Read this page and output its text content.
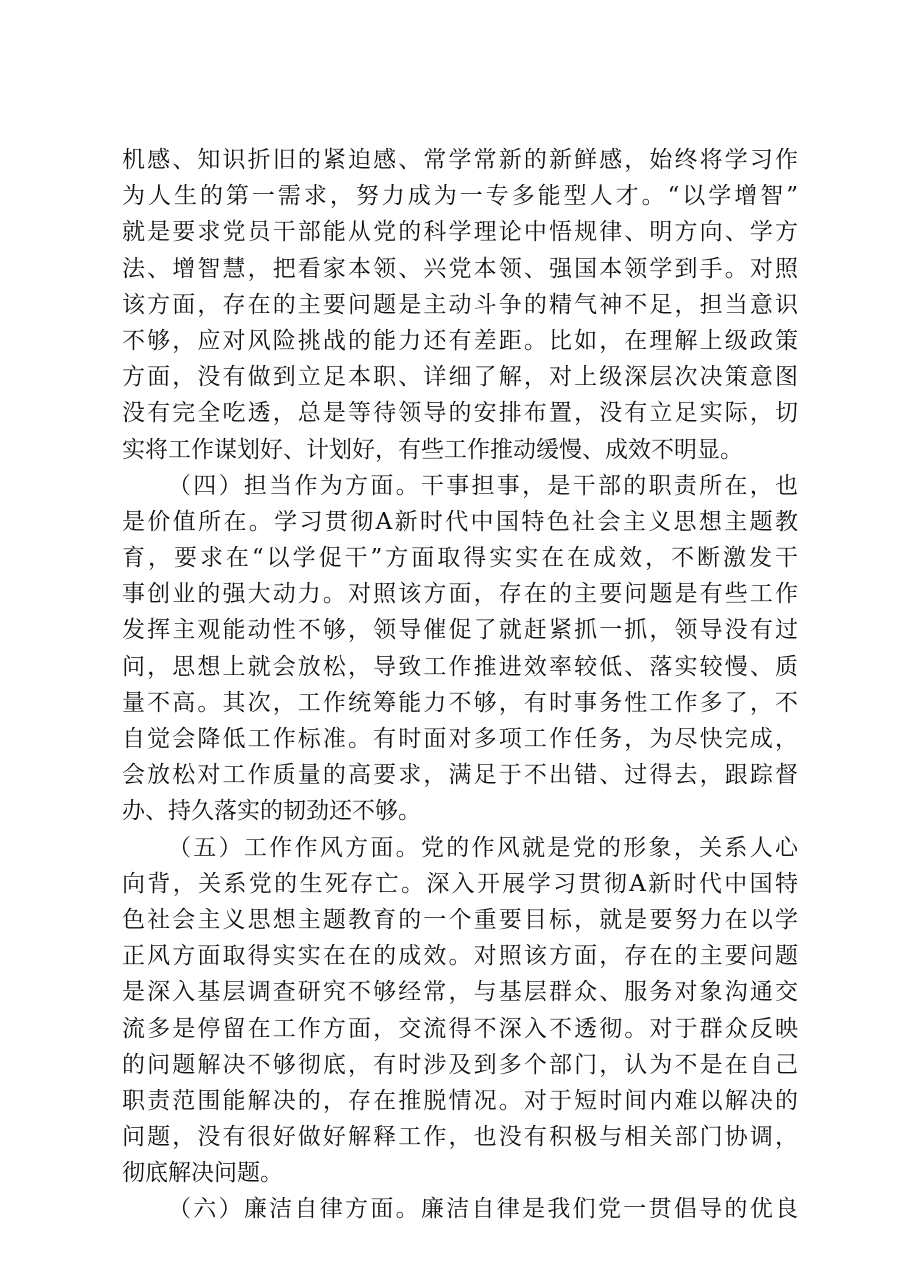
机感、知识折旧的紧迫感、常学常新的新鲜感，始终将学习作
为人生的第一需求，努力成为一专多能型人才。“以学增智”
就是要求党员干部能从党的科学理论中悟规律、明方向、学方
法、增智慧，把看家本领、兴党本领、强国本领学到手。对照
该方面，存在的主要问题是主动斗争的精气神不足，担当意识
不够，应对风险挑战的能力还有差距。比如，在理解上级政策
方面，没有做到立足本职、详细了解，对上级深层次决策意图
没有完全吃透，总是等待领导的安排布置，没有立足实际，切
实将工作谋划好、计划好，有些工作推动缓慢、成效不明显。
（四）担当作为方面。干事担事，是干部的职责所在，也
是价值所在。学习贯彻A新时代中国特色社会主义思想主题教
育，要求在“以学促干”方面取得实实在在成效，不断激发干
事创业的强大动力。对照该方面，存在的主要问题是有些工作
发挥主观能动性不够，领导催促了就赶紧抓一抓，领导没有过
问，思想上就会放松，导致工作推进效率较低、落实较慢、质
量不高。其次，工作统筹能力不够，有时事务性工作多了，不
自觉会降低工作标准。有时面对多项工作任务，为尽快完成，
会放松对工作质量的高要求，满足于不出错、过得去，跟踪督
办、持久落实的韧劲还不够。
（五）工作作风方面。党的作风就是党的形象，关系人心
向背，关系党的生死存亡。深入开展学习贯彻A新时代中国特
色社会主义思想主题教育的一个重要目标，就是要努力在以学
正风方面取得实实在在的成效。对照该方面，存在的主要问题
是深入基层调查研究不够经常，与基层群众、服务对象沟通交
流多是停留在工作方面，交流得不深入不透彻。对于群众反映
的问题解决不够彻底，有时涉及到多个部门，认为不是在自己
职责范围能解决的，存在推脱情况。对于短时间内难以解决的
问题，没有很好做好解释工作，也没有积极与相关部门协调，
彻底解决问题。
（六）廉洁自律方面。廉洁自律是我们党一贯倡导的优良
